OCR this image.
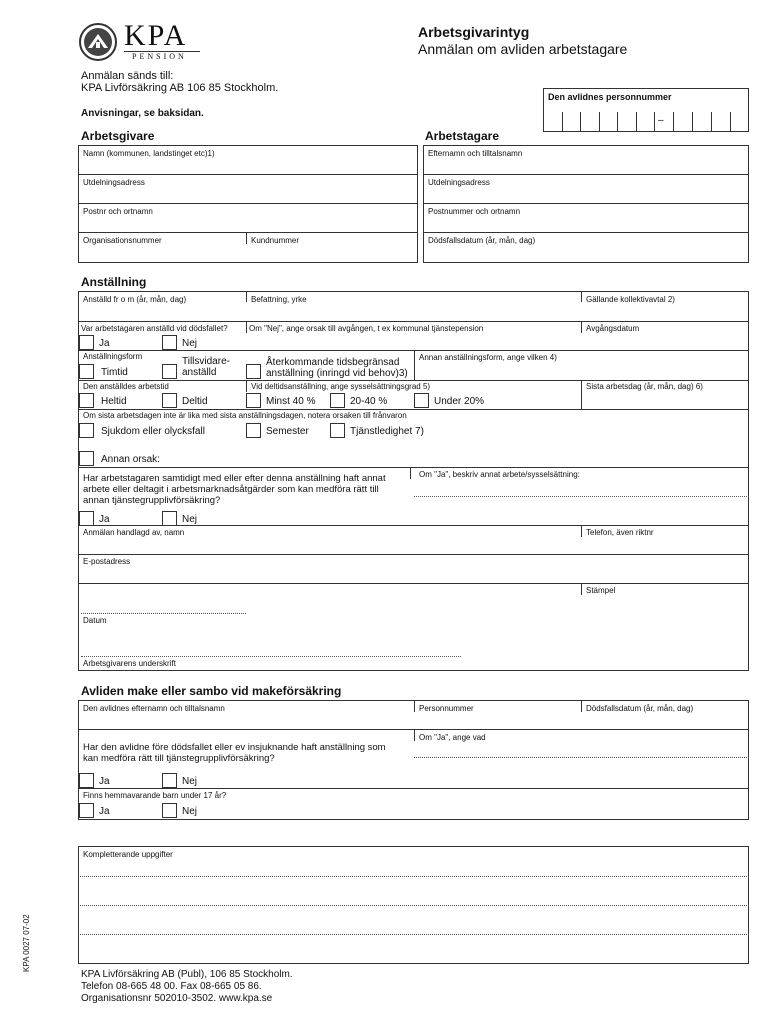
KPA
PENSION
Arbetsgivarintyg
Anmälan om avliden arbetstagare
Anmälan sänds till:
KPA Livförsäkring AB 106 85 Stockholm.
Den avlidnes personnummer
–
Anvisningar, se baksidan.
Arbetsgivare
Namn (kommunen, landstinget etc)1)
Utdelningsadress
Postnr och ortnamn
Organisationsnummer	Kundnummer
Arbetstagare
Efternamn och tilltalsnamn
Utdelningsadress
Postnummer och ortnamn
Dödsfallsdatum (år, mån, dag)
Anställning
Anställd fr o m (år, mån, dag)	Befattning, yrke	Gällande kollektivavtal 2)
Var arbetstagaren anställd vid dödsfallet?	Om "Nej", ange orsak till avgången, t ex kommunal tjänstepension	Avgångsdatum
Ja	Nej
Anställningsform
Timtid
Tillsvidare-
anställd
Återkommande tidsbegränsad
anställning (inringd vid behov)3)
Annan anställningsform, ange vilken 4)
Den anställdes arbetstid	Vid deltidsanställning, ange sysselsättningsgrad 5)	Sista arbetsdag (år, mån, dag) 6)
Heltid	Deltid	Minst 40 %	20-40 %	Under 20%
Om sista arbetsdagen inte är lika med sista anställningsdagen, notera orsaken till frånvaron
Sjukdom eller olycksfall	Semester	Tjänstledighet 7)
Annan orsak:
Har arbetstagaren samtidigt med eller efter denna anställning haft annat arbete eller deltagit i arbetsmarknadsåtgärder som kan medföra rätt till annan tjänstegrupplivförsäkring?
Om "Ja", beskriv annat arbete/sysselsättning:
Ja	Nej
Anmälan handlagd av, namn	Telefon, även riktnr
E-postadress
Stämpel
Datum
Arbetsgivarens underskrift
Avliden make eller sambo vid makeförsäkring
Den avlidnes efternamn och tilltalsnamn	Personnummer	Dödsfallsdatum (år, mån, dag)
Om "Ja", ange vad
Har den avlidne före dödsfallet eller ev insjuknande haft anställning som kan medföra rätt till tjänstegrupplivförsäkring?
Ja	Nej
Finns hemmavarande barn under 17 år?
Ja	Nej
Kompletterande uppgifter
KPA Livförsäkring AB (Publ), 106 85 Stockholm.
Telefon 08-665 48 00. Fax 08-665 05 86.
Organisationsnr 502010-3502. www.kpa.se
KPA 0027 07-02
